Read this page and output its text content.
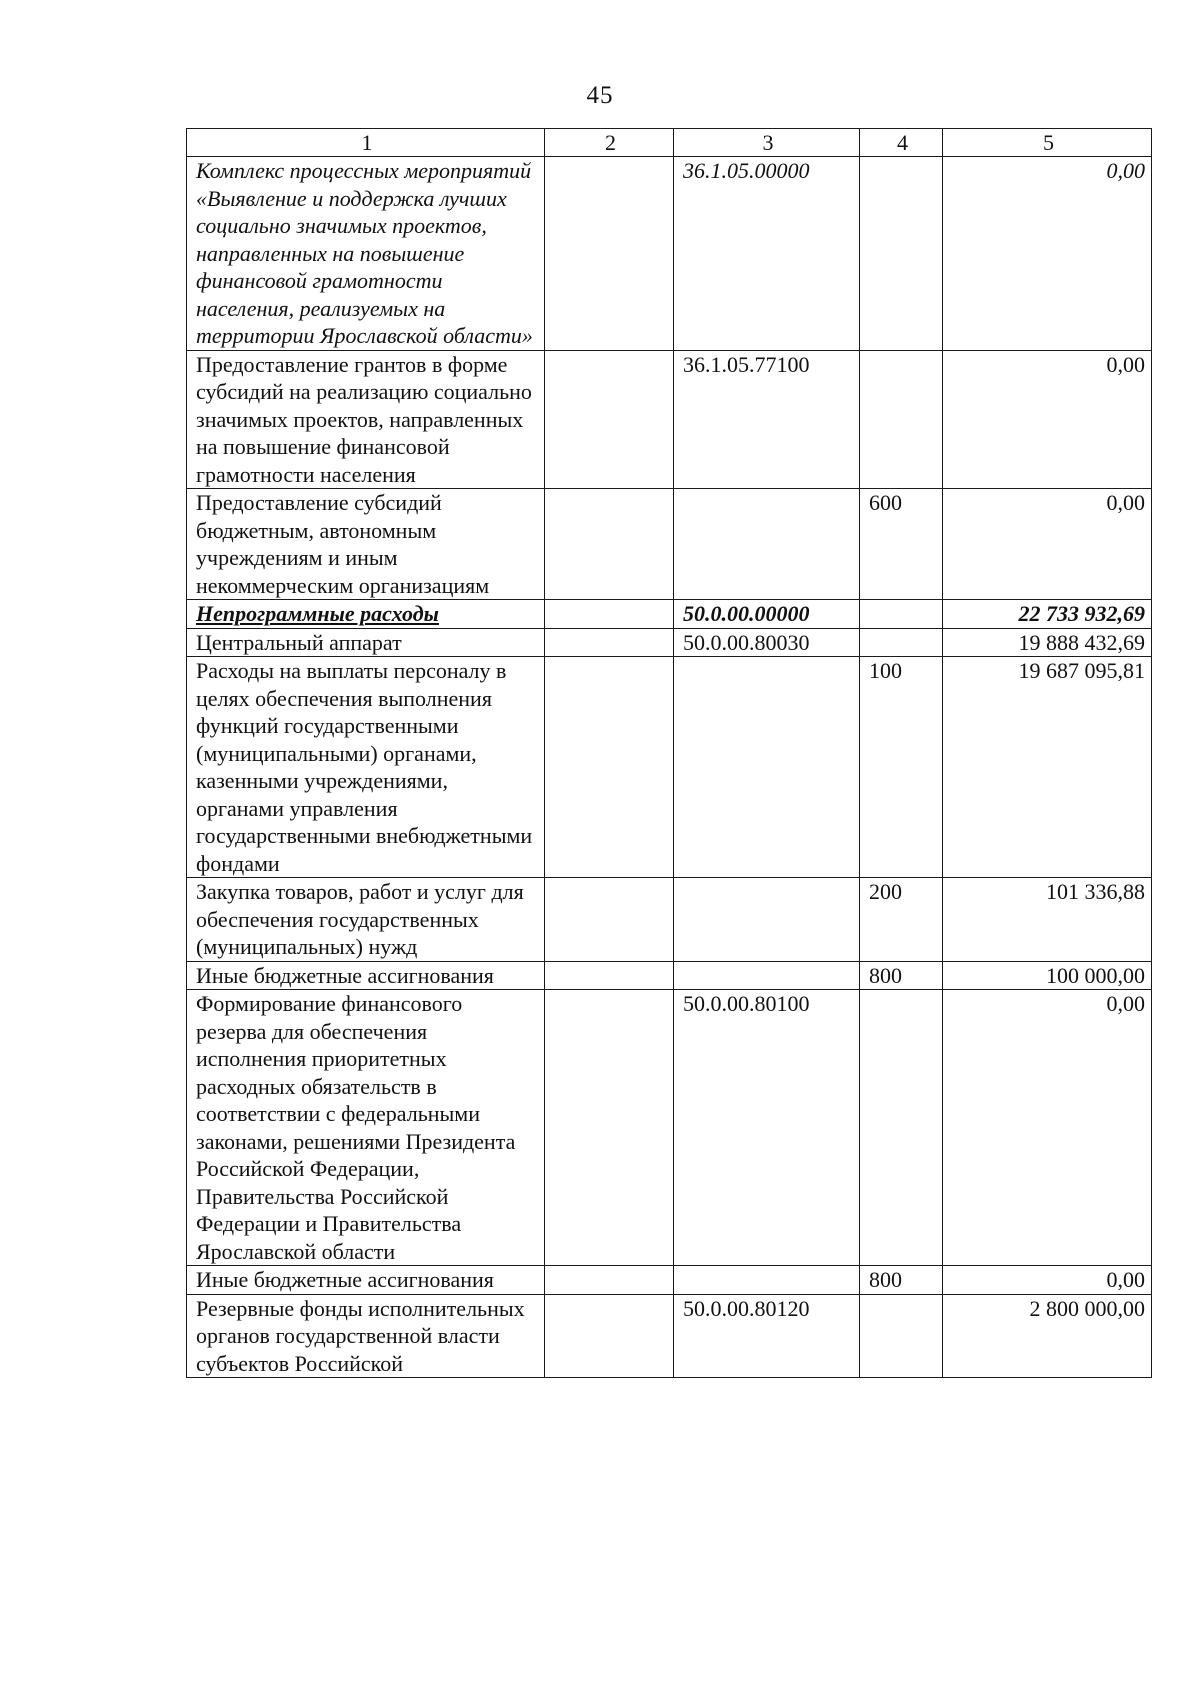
45
1	2	3	4	5
Комплекс процессных мероприятий «Выявление и поддержка лучших социально значимых проектов, направленных на повышение финансовой грамотности населения, реализуемых на территории Ярославской области»		36.1.05.00000		0,00
Предоставление грантов в форме субсидий на реализацию социально значимых проектов, направленных на повышение финансовой грамотности населения		36.1.05.77100		0,00
Предоставление субсидий бюджетным, автономным учреждениям и иным некоммерческим организациям			600	0,00
Непрограммные расходы		50.0.00.00000		22 733 932,69
Центральный аппарат		50.0.00.80030		19 888 432,69
Расходы на выплаты персоналу в целях обеспечения выполнения функций государственными (муниципальными) органами, казенными учреждениями, органами управления государственными внебюджетными фондами			100	19 687 095,81
Закупка товаров, работ и услуг для обеспечения государственных (муниципальных) нужд			200	101 336,88
Иные бюджетные ассигнования			800	100 000,00
Формирование финансового резерва для обеспечения исполнения приоритетных расходных обязательств в соответствии с федеральными законами, решениями Президента Российской Федерации, Правительства Российской Федерации и Правительства Ярославской области		50.0.00.80100		0,00
Иные бюджетные ассигнования			800	0,00
Резервные фонды исполнительных органов государственной власти субъектов Российской		50.0.00.80120		2 800 000,00
